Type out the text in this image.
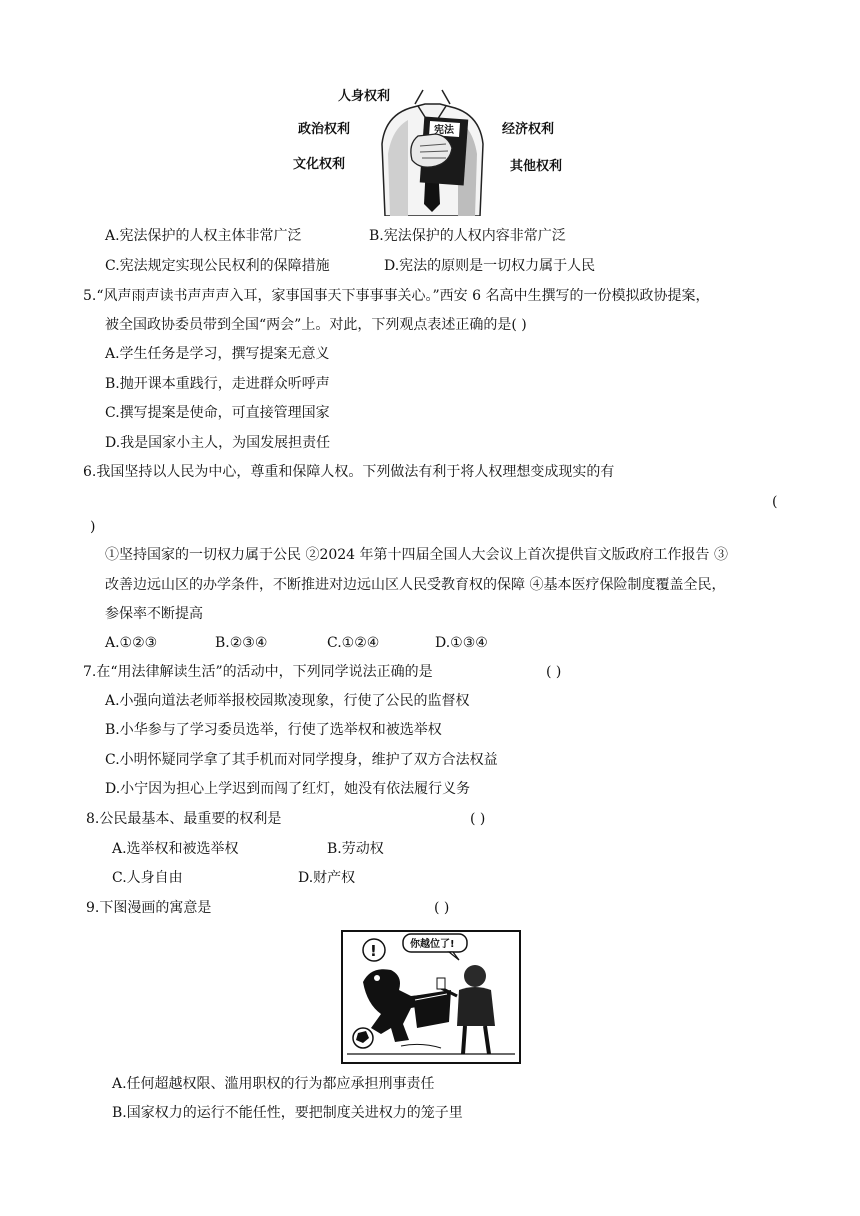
宪法
人身权利
政治权利
文化权利
经济权利
其他权利
A.宪法保护的人权主体非常广泛	B.宪法保护的人权内容非常广泛
C.宪法规定实现公民权利的保障措施	D.宪法的原则是一切权力属于人民
5.“风声雨声读书声声声入耳，家事国事天下事事事关心。”西安 6 名高中生撰写的一份模拟政协提案，
被全国政协委员带到全国“两会”上。对此，下列观点表述正确的是( )
A.学生任务是学习，撰写提案无意义
B.抛开课本重践行，走进群众听呼声
C.撰写提案是使命，可直接管理国家
D.我是国家小主人，为国发展担责任
6.我国坚持以人民为中心，尊重和保障人权。下列做法有利于将人权理想变成现实的有
(
)
①坚持国家的一切权力属于公民 ②2024 年第十四届全国人大会议上首次提供盲文版政府工作报告 ③
改善边远山区的办学条件，不断推进对边远山区人民受教育权的保障 ④基本医疗保险制度覆盖全民，
参保率不断提高
A.①②③	B.②③④	C.①②④	D.①③④
7.在“用法律解读生活”的活动中，下列同学说法正确的是	( )
A.小强向道法老师举报校园欺凌现象，行使了公民的监督权
B.小华参与了学习委员选举，行使了选举权和被选举权
C.小明怀疑同学拿了其手机而对同学搜身，维护了双方合法权益
D.小宁因为担心上学迟到而闯了红灯，她没有依法履行义务
8.公民最基本、最重要的权利是	( )
A.选举权和被选举权	B.劳动权
C.人身自由	D.财产权
9.下图漫画的寓意是	( )
你越位了!
!
A.任何超越权限、滥用职权的行为都应承担刑事责任
B.国家权力的运行不能任性，要把制度关进权力的笼子里
